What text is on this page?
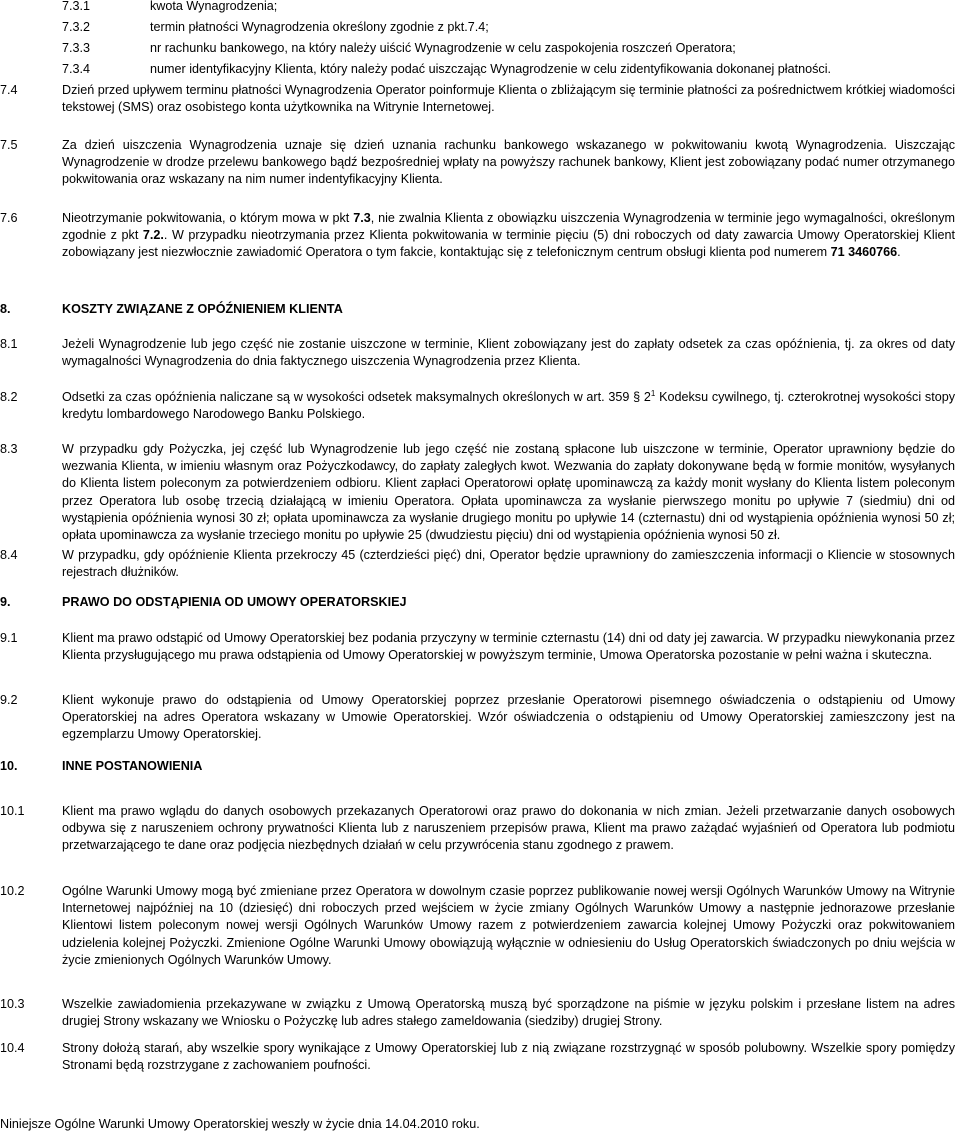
7.3.1	kwota Wynagrodzenia;
7.3.2	termin płatności Wynagrodzenia określony zgodnie z pkt.7.4;
7.3.3	nr rachunku bankowego, na który należy uiścić Wynagrodzenie w celu zaspokojenia roszczeń Operatora;
7.3.4	numer identyfikacyjny Klienta, który należy podać uiszczając Wynagrodzenie w celu zidentyfikowania dokonanej płatności.
7.4	Dzień przed upływem terminu płatności Wynagrodzenia Operator poinformuje Klienta o zbliżającym się terminie płatności za pośrednictwem krótkiej wiadomości tekstowej (SMS) oraz osobistego konta użytkownika na Witrynie Internetowej.
7.5	Za dzień uiszczenia Wynagrodzenia uznaje się dzień uznania rachunku bankowego wskazanego w pokwitowaniu kwotą Wynagrodzenia. Uiszczając Wynagrodzenie w drodze przelewu bankowego bądź bezpośredniej wpłaty na powyższy rachunek bankowy, Klient jest zobowiązany podać numer otrzymanego pokwitowania oraz wskazany na nim numer indentyfikacyjny Klienta.
7.6	Nieotrzymanie pokwitowania, o którym mowa w pkt 7.3, nie zwalnia Klienta z obowiązku uiszczenia Wynagrodzenia w terminie jego wymagalności, określonym zgodnie z pkt 7.2.. W przypadku nieotrzymania przez Klienta pokwitowania w terminie pięciu (5) dni roboczych od daty zawarcia Umowy Operatorskiej Klient zobowiązany jest niezwłocznie zawiadomić Operatora o tym fakcie, kontaktując się z telefonicznym centrum obsługi klienta pod numerem 71 3460766.
8.	KOSZTY ZWIĄZANE Z OPÓŹNIENIEM KLIENTA
8.1	Jeżeli Wynagrodzenie lub jego część nie zostanie uiszczone w terminie, Klient zobowiązany jest do zapłaty odsetek za czas opóźnienia, tj. za okres od daty wymagalności Wynagrodzenia do dnia faktycznego uiszczenia Wynagrodzenia przez Klienta.
8.2	Odsetki za czas opóźnienia naliczane są w wysokości odsetek maksymalnych określonych w art. 359 § $2^1$ Kodeksu cywilnego, tj. czterokrotnej wysokości stopy kredytu lombardowego Narodowego Banku Polskiego.
8.3	W przypadku gdy Pożyczka, jej część lub Wynagrodzenie lub jego część nie zostaną spłacone lub uiszczone w terminie, Operator uprawniony będzie do wezwania Klienta, w imieniu własnym oraz Pożyczkodawcy, do zapłaty zaległych kwot. Wezwania do zapłaty dokonywane będą w formie monitów, wysyłanych do Klienta listem poleconym za potwierdzeniem odbioru. Klient zapłaci Operatorowi opłatę upominawczą za każdy monit wysłany do Klienta listem poleconym przez Operatora lub osobę trzecią działającą w imieniu Operatora. Opłata upominawcza za wysłanie pierwszego monitu po upływie 7 (siedmiu) dni od wystąpienia opóźnienia wynosi 30 zł; opłata upominawcza za wysłanie drugiego monitu po upływie 14 (czternastu) dni od wystąpienia opóźnienia wynosi 50 zł; opłata upominawcza za wysłanie trzeciego monitu po upływie 25 (dwudziestu pięciu) dni od wystąpienia opóźnienia wynosi 50 zł.
8.4	W przypadku, gdy opóźnienie Klienta przekroczy 45 (czterdzieści pięć) dni, Operator będzie uprawniony do zamieszczenia informacji o Kliencie w stosownych rejestrach dłużników.
9.	PRAWO DO ODSTĄPIENIA OD UMOWY OPERATORSKIEJ
9.1	Klient ma prawo odstąpić od Umowy Operatorskiej bez podania przyczyny w terminie czternastu (14) dni od daty jej zawarcia. W przypadku niewykonania przez Klienta przysługującego mu prawa odstąpienia od Umowy Operatorskiej w powyższym terminie, Umowa Operatorska pozostanie w pełni ważna i skuteczna.
9.2	Klient wykonuje prawo do odstąpienia od Umowy Operatorskiej poprzez przesłanie Operatorowi pisemnego oświadczenia o odstąpieniu od Umowy Operatorskiej na adres Operatora wskazany w Umowie Operatorskiej. Wzór oświadczenia o odstąpieniu od Umowy Operatorskiej zamieszczony jest na egzemplarzu Umowy Operatorskiej.
10.	INNE POSTANOWIENIA
10.1	Klient ma prawo wglądu do danych osobowych przekazanych Operatorowi oraz prawo do dokonania w nich zmian. Jeżeli przetwarzanie danych osobowych odbywa się z naruszeniem ochrony prywatności Klienta lub z naruszeniem przepisów prawa, Klient ma prawo zażądać wyjaśnień od Operatora lub podmiotu przetwarzającego te dane oraz podjęcia niezbędnych działań w celu przywrócenia stanu zgodnego z prawem.
10.2	Ogólne Warunki Umowy mogą być zmieniane przez Operatora w dowolnym czasie poprzez publikowanie nowej wersji Ogólnych Warunków Umowy na Witrynie Internetowej najpóźniej na 10 (dziesięć) dni roboczych przed wejściem w życie zmiany Ogólnych Warunków Umowy a następnie jednorazowe przesłanie Klientowi listem poleconym nowej wersji Ogólnych Warunków Umowy razem z potwierdzeniem zawarcia kolejnej Umowy Pożyczki oraz pokwitowaniem udzielenia kolejnej Pożyczki. Zmienione Ogólne Warunki Umowy obowiązują wyłącznie w odniesieniu do Usług Operatorskich świadczonych po dniu wejścia w życie zmienionych Ogólnych Warunków Umowy.
10.3	Wszelkie zawiadomienia przekazywane w związku z Umową Operatorską muszą być sporządzone na piśmie w języku polskim i przesłane listem na adres drugiej Strony wskazany we Wniosku o Pożyczkę lub adres stałego zameldowania (siedziby) drugiej Strony.
10.4	Strony dołożą starań, aby wszelkie spory wynikające z Umowy Operatorskiej lub z nią związane rozstrzygnąć w sposób polubowny. Wszelkie spory pomiędzy Stronami będą rozstrzygane z zachowaniem poufności.
Niniejsze Ogólne Warunki Umowy Operatorskiej weszły w życie dnia 14.04.2010 roku.
